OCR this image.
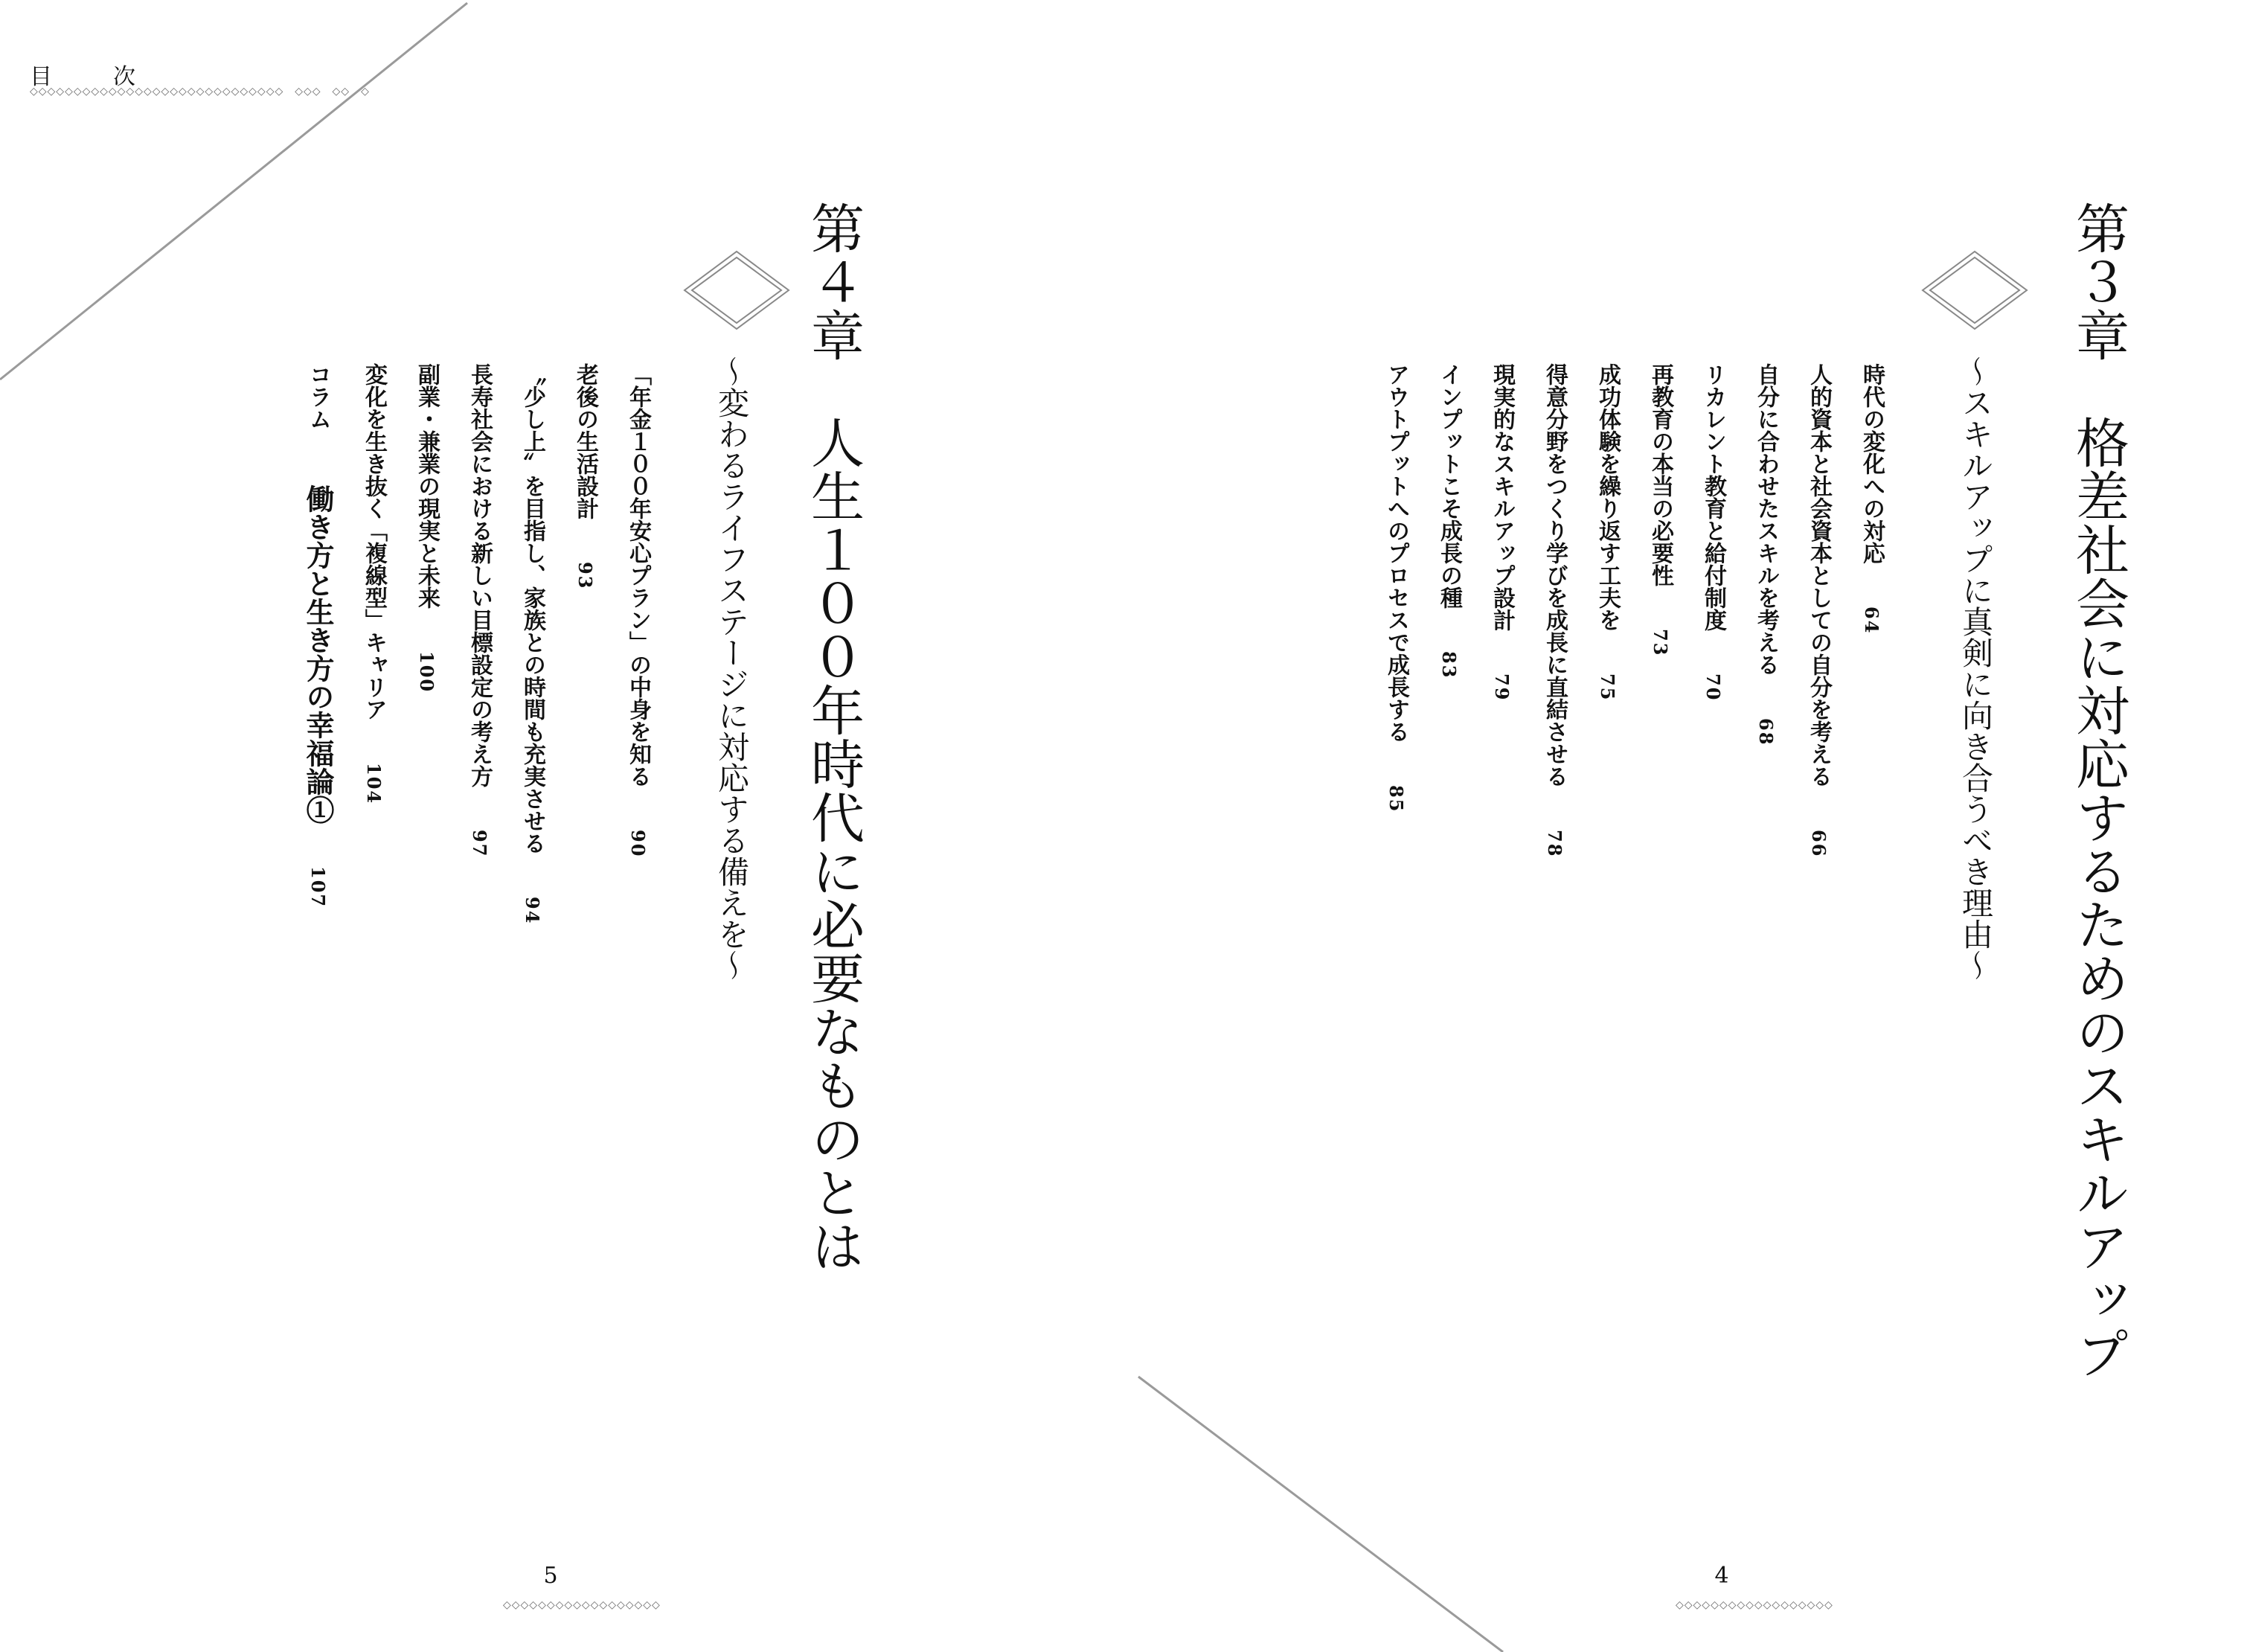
目　次
◇◇◇◇◇◇◇◇◇◇◇◇◇◇◇◇◇◇◇◇◇◇◇◇◇◇◇◇◇　◇◇◇　◇◇　◇
第３章　格差社会に対応するためのスキルアップ
〜スキルアップに真剣に向き合うべき理由〜
時代の変化への対応 64
人的資本と社会資本としての自分を考える 66
自分に合わせたスキルを考える 68
リカレント教育と給付制度 70
再教育の本当の必要性 73
成功体験を繰り返す工夫を 75
得意分野をつくり学びを成長に直結させる 78
現実的なスキルアップ設計 79
インプットこそ成長の種 83
アウトプットへのプロセスで成長する 85
4
◇◇◇◇◇◇◇◇◇◇◇◇◇◇◇◇◇◇
第４章　人生１００年時代に必要なものとは
〜変わるライフステージに対応する備えを〜
「年金１００年安心プラン」の中身を知る 90
老後の生活設計 93
〝少し上〟を目指し、家族との時間も充実させる 94
長寿社会における新しい目標設定の考え方 97
副業・兼業の現実と未来 100
変化を生き抜く「複線型」キャリア 104
コラム 働き方と生き方の幸福論① 107
5
◇◇◇◇◇◇◇◇◇◇◇◇◇◇◇◇◇◇
